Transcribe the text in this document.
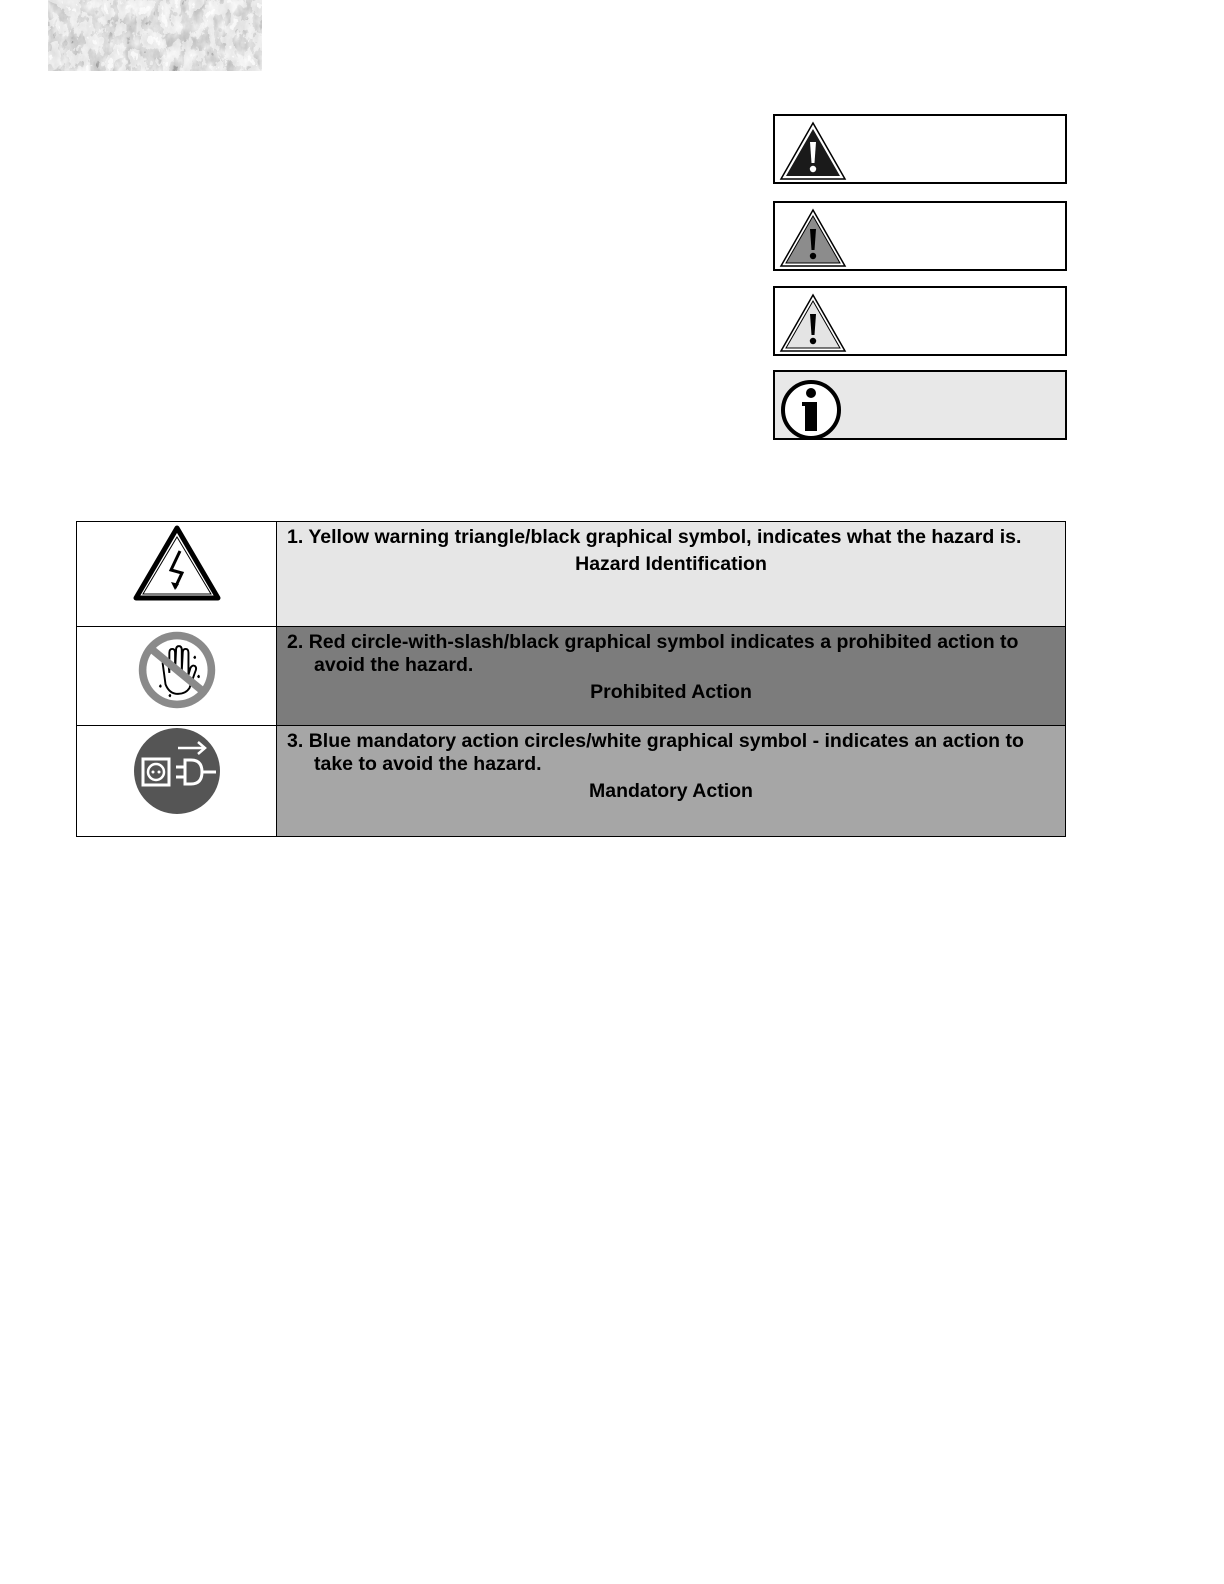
1. Yellow warning triangle/black graphical symbol, indicates what the hazard is.
Hazard Identification

2. Red circle-with-slash/black graphical symbol indicates a prohibited action to
avoid the hazard.
Prohibited Action

3. Blue mandatory action circles/white graphical symbol - indicates an action to
take to avoid the hazard.
Mandatory Action
